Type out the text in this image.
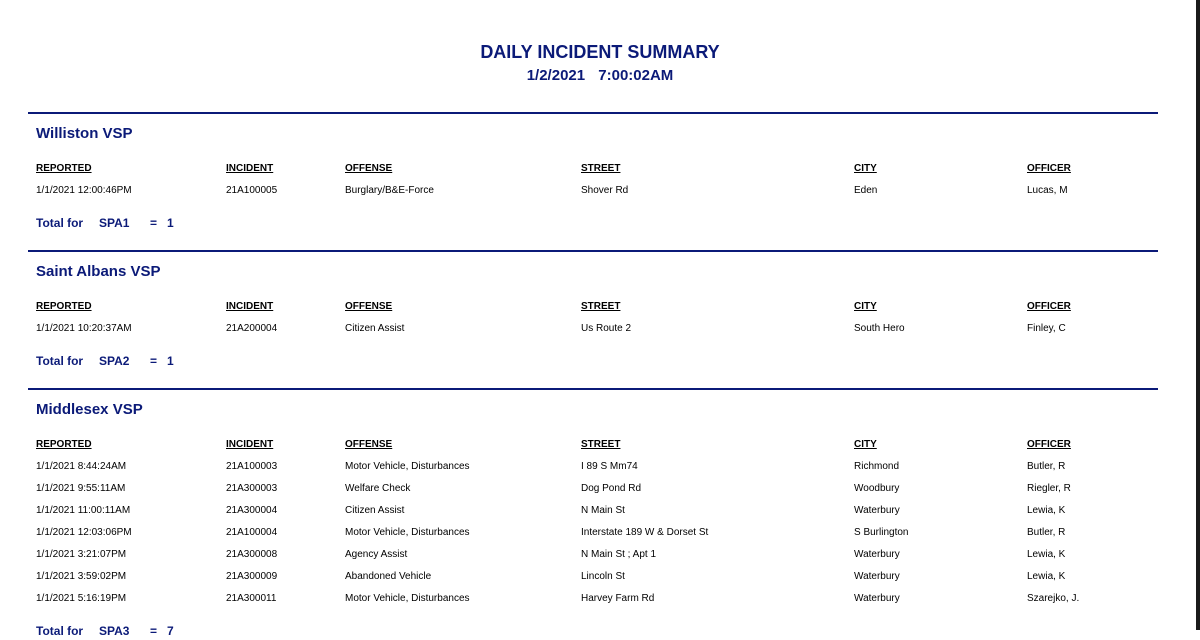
DAILY INCIDENT SUMMARY
1/2/2021 7:00:02AM
Williston VSP
REPORTED	INCIDENT	OFFENSE	STREET	CITY	OFFICER
1/1/2021 12:00:46PM	21A100005	Burglary/B&E-Force	Shover Rd	Eden	Lucas, M
Total for SPA1 = 1
Saint Albans VSP
REPORTED	INCIDENT	OFFENSE	STREET	CITY	OFFICER
1/1/2021 10:20:37AM	21A200004	Citizen Assist	Us Route 2	South Hero	Finley, C
Total for SPA2 = 1
Middlesex VSP
REPORTED	INCIDENT	OFFENSE	STREET	CITY	OFFICER
1/1/2021 8:44:24AM	21A100003	Motor Vehicle, Disturbances	I 89 S Mm74	Richmond	Butler, R
1/1/2021 9:55:11AM	21A300003	Welfare Check	Dog Pond Rd	Woodbury	Riegler, R
1/1/2021 11:00:11AM	21A300004	Citizen Assist	N Main St	Waterbury	Lewia, K
1/1/2021 12:03:06PM	21A100004	Motor Vehicle, Disturbances	Interstate 189 W & Dorset St	S Burlington	Butler, R
1/1/2021 3:21:07PM	21A300008	Agency Assist	N Main St ; Apt 1	Waterbury	Lewia, K
1/1/2021 3:59:02PM	21A300009	Abandoned Vehicle	Lincoln St	Waterbury	Lewia, K
1/1/2021 5:16:19PM	21A300011	Motor Vehicle, Disturbances	Harvey Farm Rd	Waterbury	Szarejko, J.
Total for SPA3 = 7
